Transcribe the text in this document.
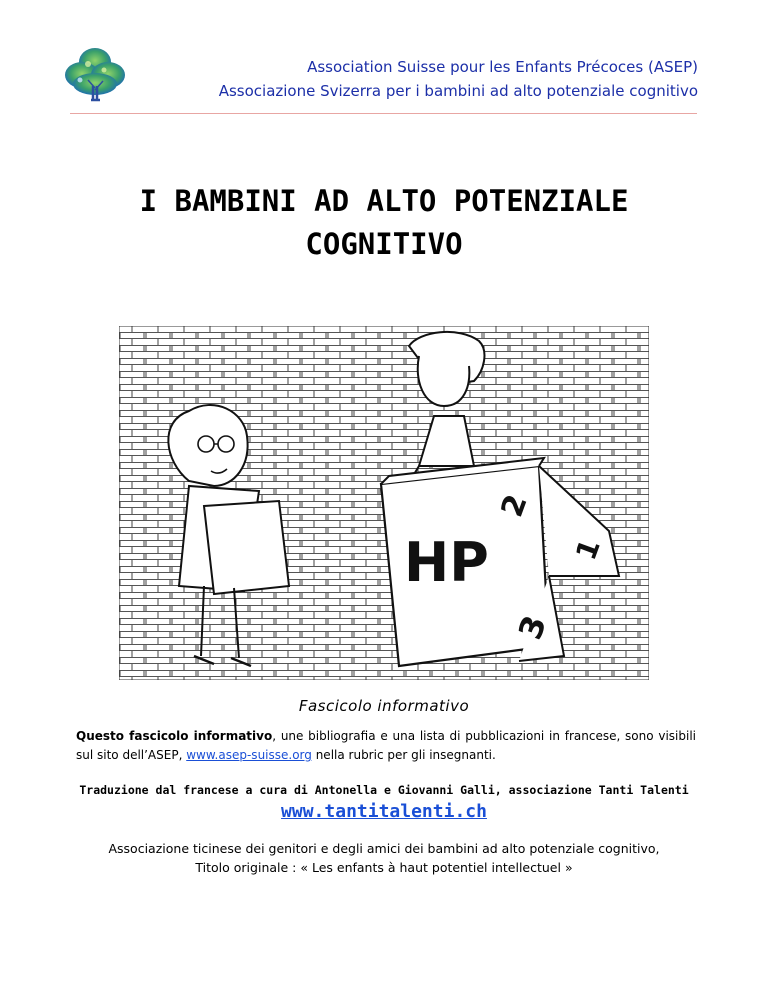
Association Suisse pour les Enfants Précoces (ASEP)
Associazione Svizerra per i bambini ad alto potenziale cognitivo
I BAMBINI AD ALTO POTENZIALE
COGNITIVO
HP
2
1
3
Fascicolo informativo
Questo fascicolo informativo, une bibliografia e una lista di pubblicazioni in francese, sono visibili sul sito dell’ASEP, www.asep-suisse.org nella rubric per gli insegnanti.
Traduzione dal francese a cura di Antonella e Giovanni Galli, associazione Tanti Talenti
www.tantitalenti.ch
Associazione ticinese dei genitori e degli amici dei bambini ad alto potenziale cognitivo,
Titolo originale : « Les enfants à haut potentiel intellectuel »
